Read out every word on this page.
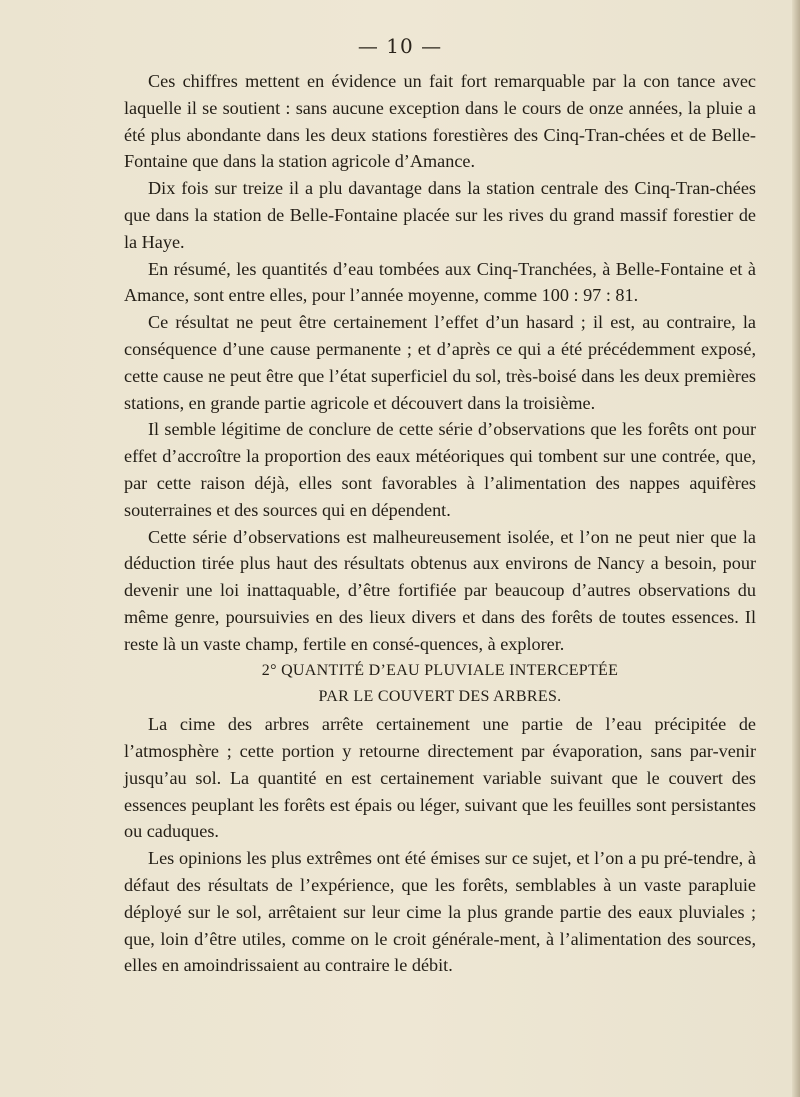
— 10 —

Ces chiffres mettent en évidence un fait fort remarquable par la con tance avec laquelle il se soutient : sans aucune exception dans le cours de onze années, la pluie a été plus abondante dans les deux stations forestières des Cinq-Tran-chées et de Belle-Fontaine que dans la station agricole d’Amance.

Dix fois sur treize il a plu davantage dans la station centrale des Cinq-Tran-chées que dans la station de Belle-Fontaine placée sur les rives du grand massif forestier de la Haye.

En résumé, les quantités d’eau tombées aux Cinq-Tranchées, à Belle-Fontaine et à Amance, sont entre elles, pour l’année moyenne, comme 100 : 97 : 81.

Ce résultat ne peut être certainement l’effet d’un hasard ; il est, au contraire, la conséquence d’une cause permanente ; et d’après ce qui a été précédemment exposé, cette cause ne peut être que l’état superficiel du sol, très-boisé dans les deux premières stations, en grande partie agricole et découvert dans la troisième.

Il semble légitime de conclure de cette série d’observations que les forêts ont pour effet d’accroître la proportion des eaux météoriques qui tombent sur une contrée, que, par cette raison déjà, elles sont favorables à l’alimentation des nappes aquifères souterraines et des sources qui en dépendent.

Cette série d’observations est malheureusement isolée, et l’on ne peut nier que la déduction tirée plus haut des résultats obtenus aux environs de Nancy a besoin, pour devenir une loi inattaquable, d’être fortifiée par beaucoup d’autres observations du même genre, poursuivies en des lieux divers et dans des forêts de toutes essences. Il reste là un vaste champ, fertile en consé-quences, à explorer.

2° QUANTITÉ D’EAU PLUVIALE INTERCEPTÉE
PAR LE COUVERT DES ARBRES.

La cime des arbres arrête certainement une partie de l’eau précipitée de l’atmosphère ; cette portion y retourne directement par évaporation, sans par-venir jusqu’au sol. La quantité en est certainement variable suivant que le couvert des essences peuplant les forêts est épais ou léger, suivant que les feuilles sont persistantes ou caduques.

Les opinions les plus extrêmes ont été émises sur ce sujet, et l’on a pu pré-tendre, à défaut des résultats de l’expérience, que les forêts, semblables à un vaste parapluie déployé sur le sol, arrêtaient sur leur cime la plus grande partie des eaux pluviales ; que, loin d’être utiles, comme on le croit générale-ment, à l’alimentation des sources, elles en amoindrissaient au contraire le débit.
